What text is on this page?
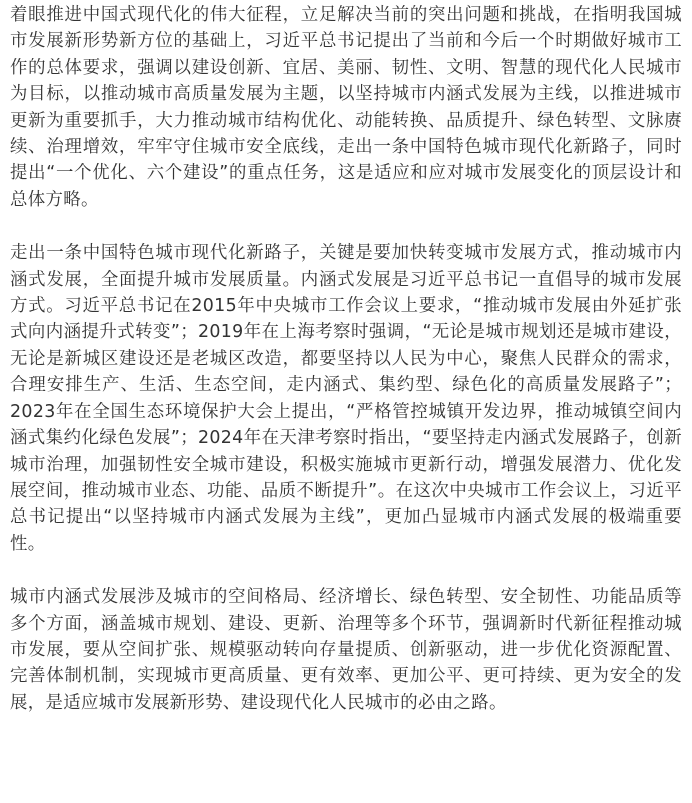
着眼推进中国式现代化的伟大征程，立足解决当前的突出问题和挑战，在指明我国城市发展新形势新方位的基础上，习近平总书记提出了当前和今后一个时期做好城市工作的总体要求，强调以建设创新、宜居、美丽、韧性、文明、智慧的现代化人民城市为目标，以推动城市高质量发展为主题，以坚持城市内涵式发展为主线，以推进城市更新为重要抓手，大力推动城市结构优化、动能转换、品质提升、绿色转型、文脉赓续、治理增效，牢牢守住城市安全底线，走出一条中国特色城市现代化新路子，同时提出“一个优化、六个建设”的重点任务，这是适应和应对城市发展变化的顶层设计和总体方略。

走出一条中国特色城市现代化新路子，关键是要加快转变城市发展方式，推动城市内涵式发展，全面提升城市发展质量。内涵式发展是习近平总书记一直倡导的城市发展方式。习近平总书记在2015年中央城市工作会议上要求，“推动城市发展由外延扩张式向内涵提升式转变”；2019年在上海考察时强调，“无论是城市规划还是城市建设，无论是新城区建设还是老城区改造，都要坚持以人民为中心，聚焦人民群众的需求，合理安排生产、生活、生态空间，走内涵式、集约型、绿色化的高质量发展路子”；2023年在全国生态环境保护大会上提出，“严格管控城镇开发边界，推动城镇空间内涵式集约化绿色发展”；2024年在天津考察时指出，“要坚持走内涵式发展路子，创新城市治理，加强韧性安全城市建设，积极实施城市更新行动，增强发展潜力、优化发展空间，推动城市业态、功能、品质不断提升”。在这次中央城市工作会议上，习近平总书记提出“以坚持城市内涵式发展为主线”，更加凸显城市内涵式发展的极端重要性。

城市内涵式发展涉及城市的空间格局、经济增长、绿色转型、安全韧性、功能品质等多个方面，涵盖城市规划、建设、更新、治理等多个环节，强调新时代新征程推动城市发展，要从空间扩张、规模驱动转向存量提质、创新驱动，进一步优化资源配置、完善体制机制，实现城市更高质量、更有效率、更加公平、更可持续、更为安全的发展，是适应城市发展新形势、建设现代化人民城市的必由之路。
